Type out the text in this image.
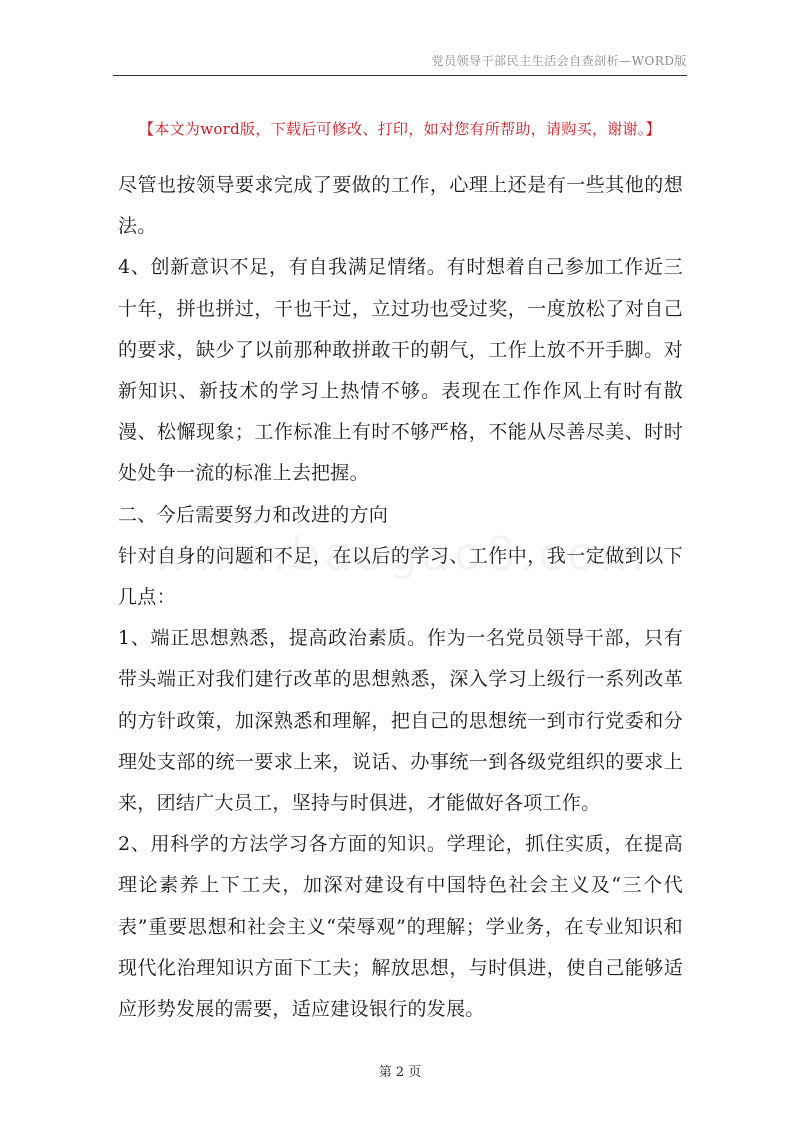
党员领导干部民主生活会自查剖析—WORD版
【本文为word版，下载后可修改、打印，如对您有所帮助，请购买，谢谢。】

尽管也按领导要求完成了要做的工作，心理上还是有一些其他的想法。

4、创新意识不足，有自我满足情绪。有时想着自己参加工作近三十年，拼也拼过，干也干过，立过功也受过奖，一度放松了对自己的要求，缺少了以前那种敢拼敢干的朝气，工作上放不开手脚。对新知识、新技术的学习上热情不够。表现在工作作风上有时有散漫、松懈现象；工作标准上有时不够严格，不能从尽善尽美、时时处处争一流的标准上去把握。

二、今后需要努力和改进的方向

针对自身的问题和不足，在以后的学习、工作中，我一定做到以下几点：

1、端正思想熟悉，提高政治素质。作为一名党员领导干部，只有带头端正对我们建行改革的思想熟悉，深入学习上级行一系列改革的方针政策，加深熟悉和理解，把自己的思想统一到市行党委和分理处支部的统一要求上来，说话、办事统一到各级党组织的要求上来，团结广大员工，坚持与时俱进，才能做好各项工作。

2、用科学的方法学习各方面的知识。学理论，抓住实质，在提高理论素养上下工夫，加深对建设有中国特色社会主义及“三个代表”重要思想和社会主义“荣辱观”的理解；学业务，在专业知识和现代化治理知识方面下工夫；解放思想，与时俱进，使自己能够适应形势发展的需要，适应建设银行的发展。

第 2 页
